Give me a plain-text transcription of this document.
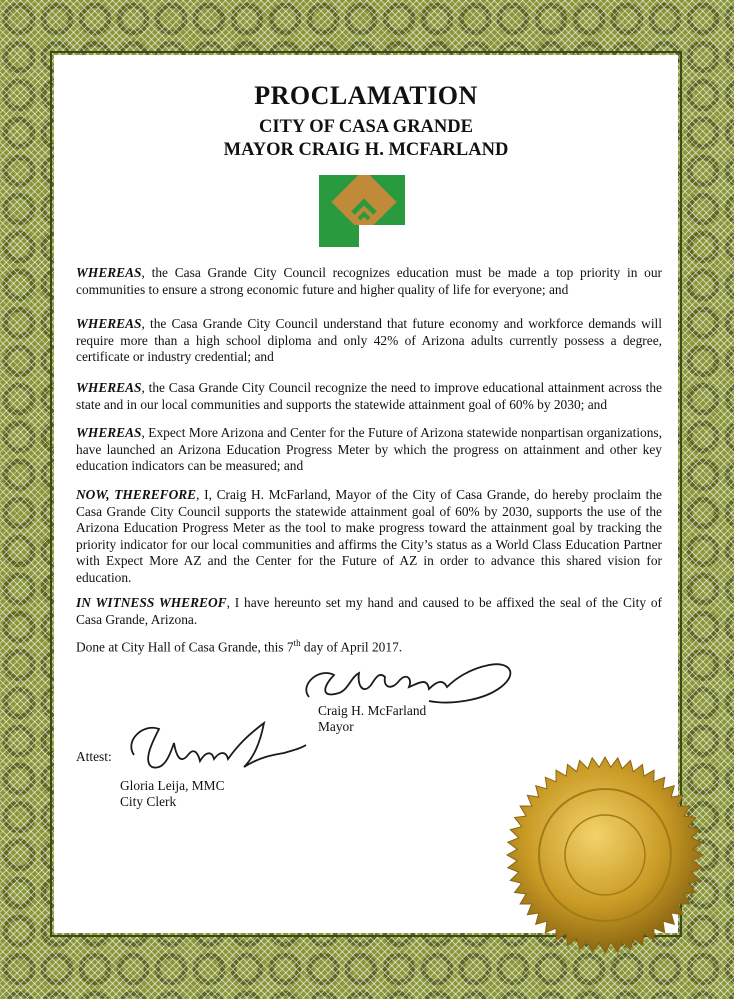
PROCLAMATION
CITY OF CASA GRANDE
MAYOR CRAIG H. MCFARLAND

WHEREAS, the Casa Grande City Council recognizes education must be made a top priority in our communities to ensure a strong economic future and higher quality of life for everyone; and

WHEREAS, the Casa Grande City Council understand that future economy and workforce demands will require more than a high school diploma and only 42% of Arizona adults currently possess a degree, certificate or industry credential; and

WHEREAS, the Casa Grande City Council recognize the need to improve educational attainment across the state and in our local communities and supports the statewide attainment goal of 60% by 2030; and

WHEREAS, Expect More Arizona and Center for the Future of Arizona statewide nonpartisan organizations, have launched an Arizona Education Progress Meter by which the progress on attainment and other key education indicators can be measured; and

NOW, THEREFORE, I, Craig H. McFarland, Mayor of the City of Casa Grande, do hereby proclaim the Casa Grande City Council supports the statewide attainment goal of 60% by 2030, supports the use of the Arizona Education Progress Meter as the tool to make progress toward the attainment goal by tracking the priority indicator for our local communities and affirms the City’s status as a World Class Education Partner with Expect More AZ and the Center for the Future of AZ in order to advance this shared vision for education.

IN WITNESS WHEREOF, I have hereunto set my hand and caused to be affixed the seal of the City of Casa Grande, Arizona.

Done at City Hall of Casa Grande, this 7th day of April 2017.
Craig H. McFarland
Mayor
Attest:
Gloria Leija, MMC
City Clerk
